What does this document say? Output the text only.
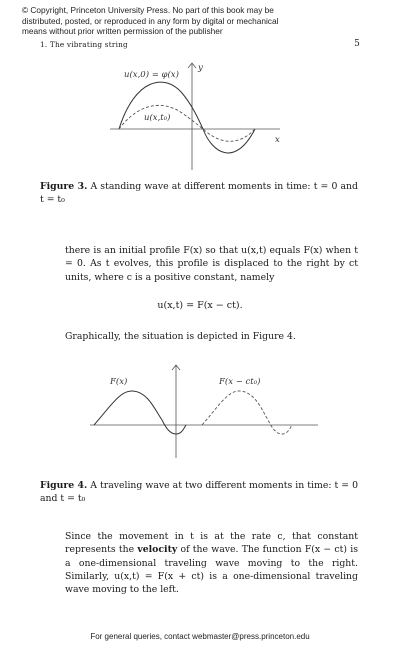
© Copyright, Princeton University Press. No part of this book may be
distributed, posted, or reproduced in any form by digital or mechanical
means without prior written permission of the publisher
1. The vibrating string	5
u(x,0) = φ(x)
u(x,t₀)
y
x
Figure 3. A standing wave at different moments in time: t = 0 and t = t₀

there is an initial profile F(x) so that u(x,t) equals F(x) when t = 0. As t evolves, this profile is displaced to the right by ct units, where c is a positive constant, namely

u(x,t) = F(x − ct).

Graphically, the situation is depicted in Figure 4.

F(x)	F(x − ct₀)
Figure 4. A traveling wave at two different moments in time: t = 0 and t = t₀

Since the movement in t is at the rate c, that constant represents the velocity of the wave. The function F(x − ct) is a one-dimensional traveling wave moving to the right. Similarly, u(x,t) = F(x + ct) is a one-dimensional traveling wave moving to the left.

For general queries, contact webmaster@press.princeton.edu
